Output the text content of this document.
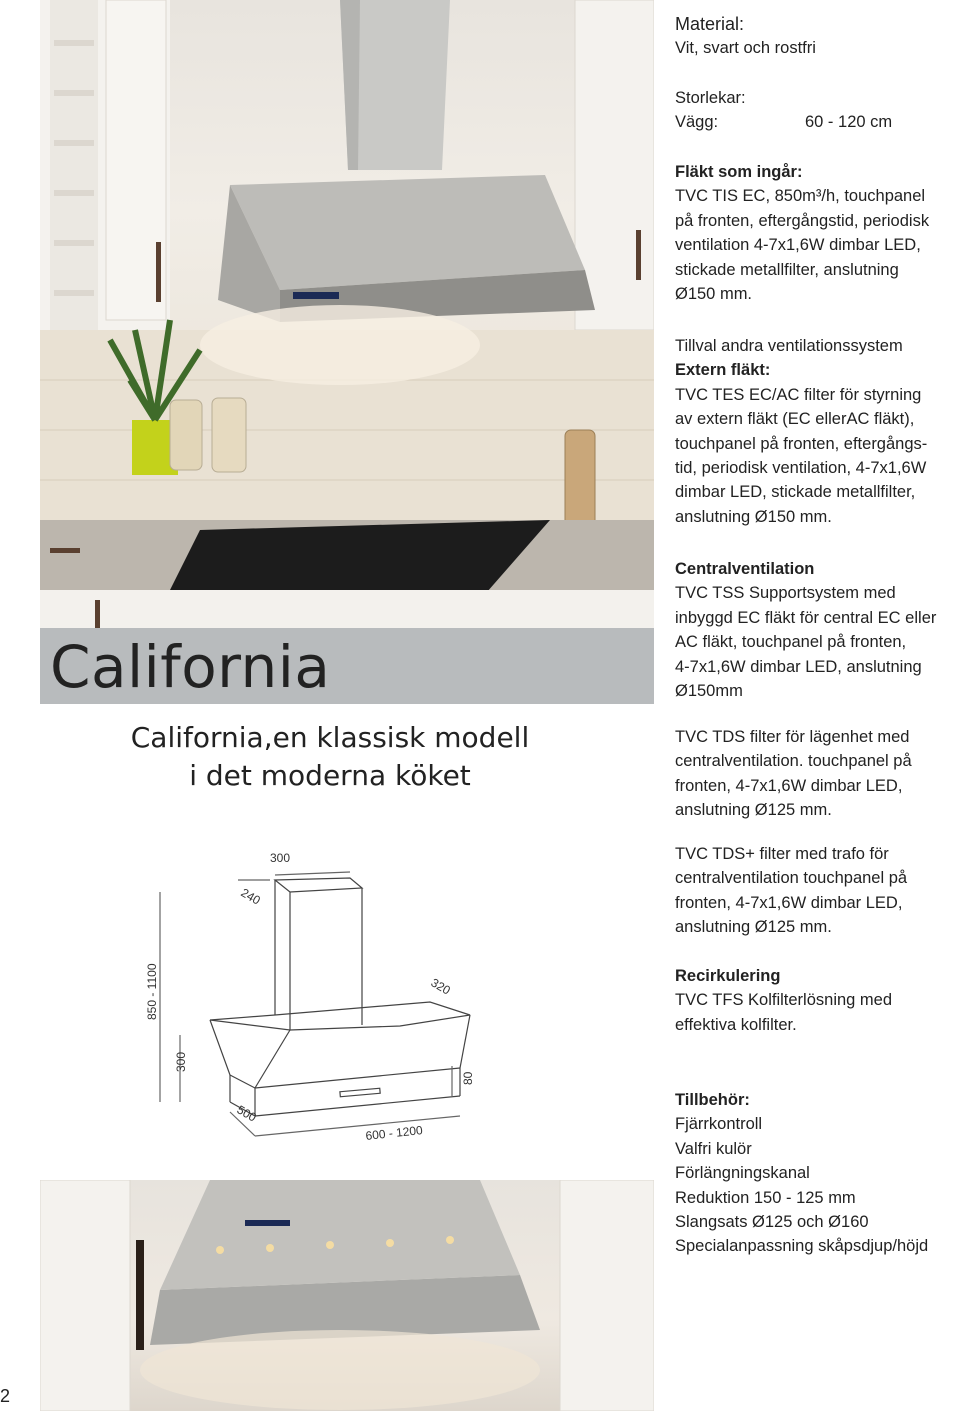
California
California,en klassisk modell
i det moderna köket
300
240
320
850 - 1100
300
80
500
600 - 1200
Material:
Vit, svart och rostfri
Storlekar:
Vägg:	60 - 120 cm
Fläkt som ingår:
TVC TIS EC, 850m³/h, touchpanel
på fronten, eftergångstid, periodisk
ventilation 4-7x1,6W dimbar LED,
stickade metallfilter, anslutning
Ø150 mm.
Tillval andra ventilationssystem
Extern fläkt:
TVC TES EC/AC filter för styrning
av extern fläkt (EC ellerAC fläkt),
touchpanel på fronten, eftergångs-
tid, periodisk ventilation, 4-7x1,6W
dimbar LED, stickade metallfilter,
anslutning Ø150 mm.
Centralventilation
TVC TSS Supportsystem med
inbyggd EC fläkt för central EC eller
AC fläkt, touchpanel på fronten,
4-7x1,6W dimbar LED, anslutning
Ø150mm
TVC TDS filter för lägenhet med
centralventilation. touchpanel på
fronten, 4-7x1,6W dimbar LED,
anslutning Ø125 mm.
TVC TDS+ filter med trafo för
centralventilation touchpanel på
fronten, 4-7x1,6W dimbar LED,
anslutning Ø125 mm.
Recirkulering
TVC TFS Kolfilterlösning med
effektiva kolfilter.
Tillbehör:
Fjärrkontroll
Valfri kulör
Förlängningskanal
Reduktion 150 - 125 mm
Slangsats Ø125 och Ø160
Specialanpassning skåpsdjup/höjd
2
